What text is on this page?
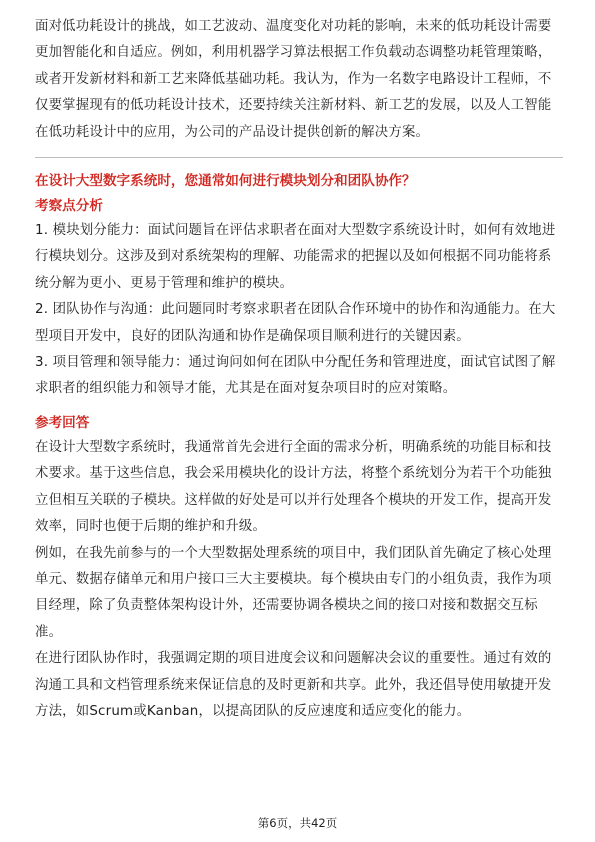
面对低功耗设计的挑战，如工艺波动、温度变化对功耗的影响，未来的低功耗设计需要更加智能化和自适应。例如，利用机器学习算法根据工作负载动态调整功耗管理策略，或者开发新材料和新工艺来降低基础功耗。我认为，作为一名数字电路设计工程师，不仅要掌握现有的低功耗设计技术，还要持续关注新材料、新工艺的发展，以及人工智能在低功耗设计中的应用，为公司的产品设计提供创新的解决方案。

在设计大型数字系统时，您通常如何进行模块划分和团队协作？

考察点分析

1. 模块划分能力：面试问题旨在评估求职者在面对大型数字系统设计时，如何有效地进行模块划分。这涉及到对系统架构的理解、功能需求的把握以及如何根据不同功能将系统分解为更小、更易于管理和维护的模块。

2. 团队协作与沟通：此问题同时考察求职者在团队合作环境中的协作和沟通能力。在大型项目开发中，良好的团队沟通和协作是确保项目顺利进行的关键因素。

3. 项目管理和领导能力：通过询问如何在团队中分配任务和管理进度，面试官试图了解求职者的组织能力和领导才能，尤其是在面对复杂项目时的应对策略。

参考回答

在设计大型数字系统时，我通常首先会进行全面的需求分析，明确系统的功能目标和技术要求。基于这些信息，我会采用模块化的设计方法，将整个系统划分为若干个功能独立但相互关联的子模块。这样做的好处是可以并行处理各个模块的开发工作，提高开发效率，同时也便于后期的维护和升级。

例如，在我先前参与的一个大型数据处理系统的项目中，我们团队首先确定了核心处理单元、数据存储单元和用户接口三大主要模块。每个模块由专门的小组负责，我作为项目经理，除了负责整体架构设计外，还需要协调各模块之间的接口对接和数据交互标准。

在进行团队协作时，我强调定期的项目进度会议和问题解决会议的重要性。通过有效的沟通工具和文档管理系统来保证信息的及时更新和共享。此外，我还倡导使用敏捷开发方法，如Scrum或Kanban，以提高团队的反应速度和适应变化的能力。

第6页，共42页
